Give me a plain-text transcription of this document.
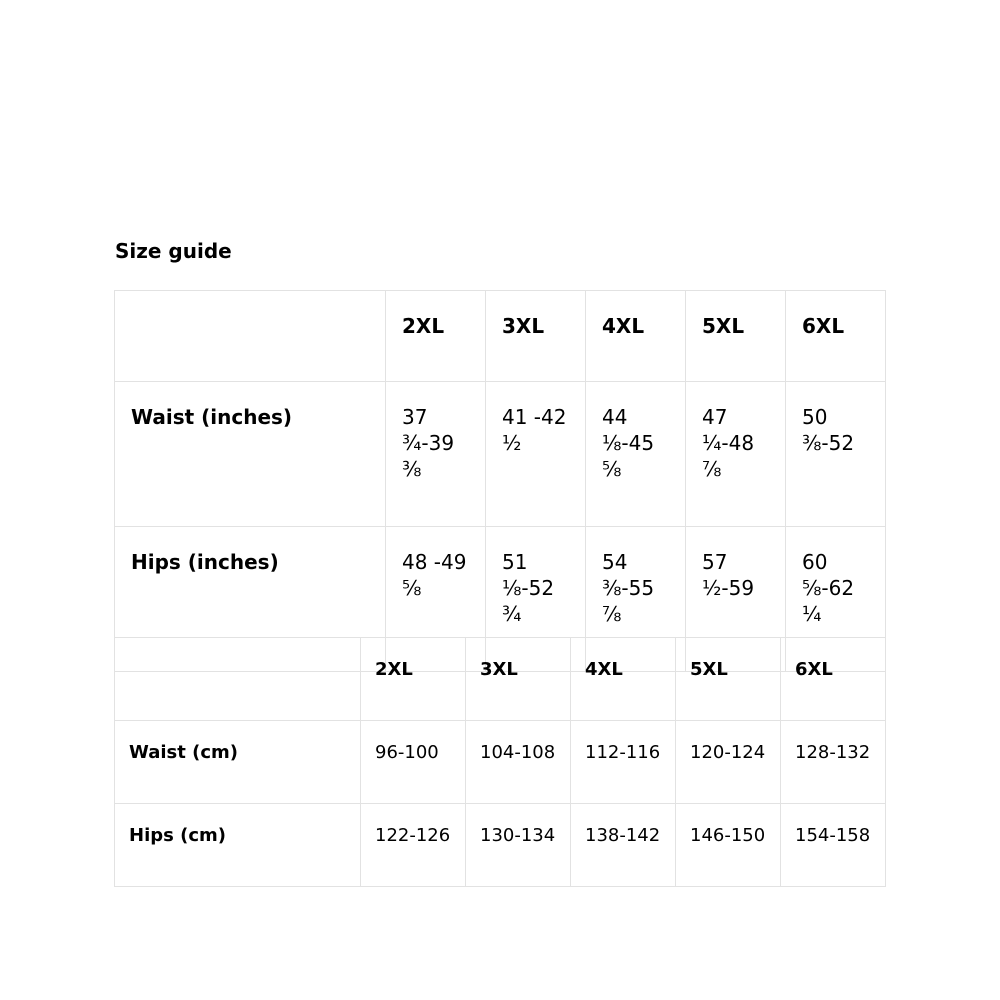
Size guide
	2XL	3XL	4XL	5XL	6XL
Waist (inches)	37 ¾-39 ⅜	41 -42 ½	44 ⅛-45 ⅝	47 ¼-48 ⅞	50 ⅜-52
Hips (inches)	48 -49 ⅝	51 ⅛-52 ¾	54 ⅜-55 ⅞	57 ½-59	60 ⅝-62 ¼
	2XL	3XL	4XL	5XL	6XL
Waist (cm)	96-100	104-108	112-116	120-124	128-132
Hips (cm)	122-126	130-134	138-142	146-150	154-158
